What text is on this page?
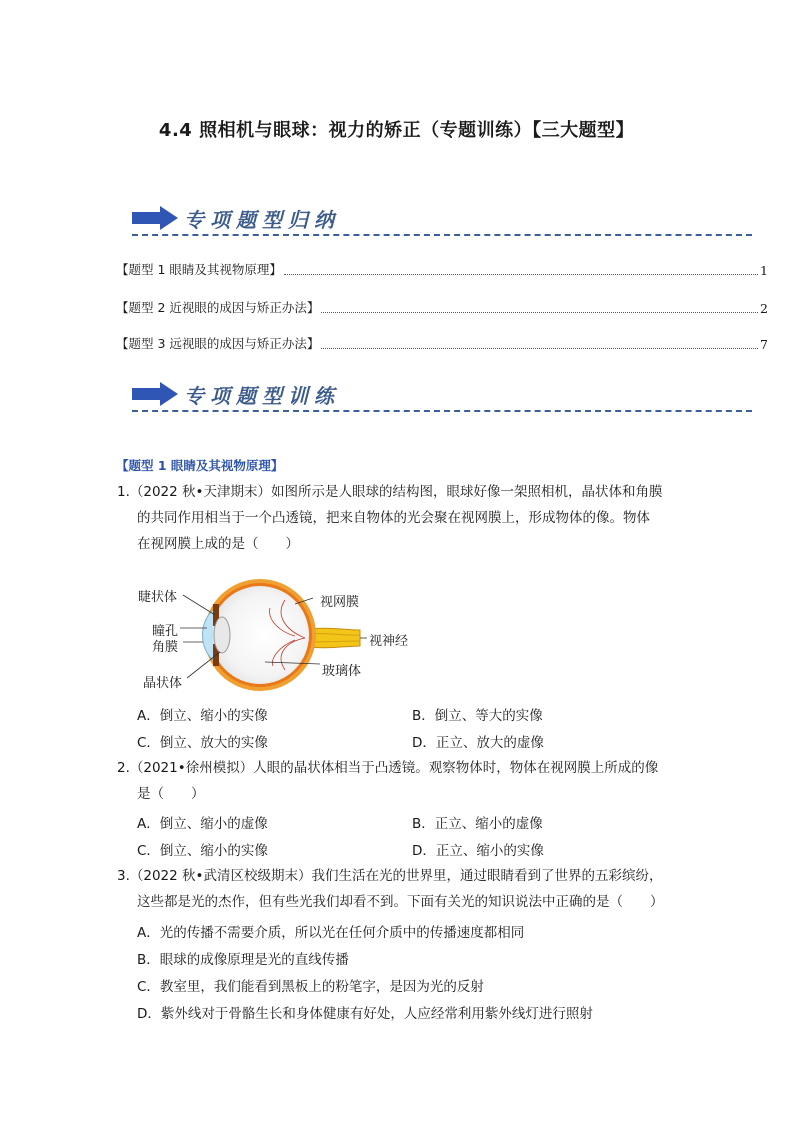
4.4 照相机与眼球：视力的矫正（专题训练）【三大题型】
专项题型归纳
【题型 1 眼睛及其视物原理】	1
【题型 2 近视眼的成因与矫正办法】	2
【题型 3 远视眼的成因与矫正办法】	7
专项题型训练
【题型 1 眼睛及其视物原理】
1.（2022 秋•天津期末）如图所示是人眼球的结构图，眼球好像一架照相机，晶状体和角膜
的共同作用相当于一个凸透镜，把来自物体的光会聚在视网膜上，形成物体的像。物体
在视网膜上成的是（　　）
睫状体
瞳孔
角膜
晶状体
视网膜
视神经
玻璃体
A．倒立、缩小的实像	B．倒立、等大的实像
C．倒立、放大的实像	D．正立、放大的虚像
2.（2021•徐州模拟）人眼的晶状体相当于凸透镜。观察物体时，物体在视网膜上所成的像
是（　　）
A．倒立、缩小的虚像	B．正立、缩小的虚像
C．倒立、缩小的实像	D．正立、缩小的实像
3.（2022 秋•武清区校级期末）我们生活在光的世界里，通过眼睛看到了世界的五彩缤纷，
这些都是光的杰作，但有些光我们却看不到。下面有关光的知识说法中正确的是（　　）
A．光的传播不需要介质，所以光在任何介质中的传播速度都相同
B．眼球的成像原理是光的直线传播
C．教室里，我们能看到黑板上的粉笔字，是因为光的反射
D．紫外线对于骨骼生长和身体健康有好处，人应经常利用紫外线灯进行照射
